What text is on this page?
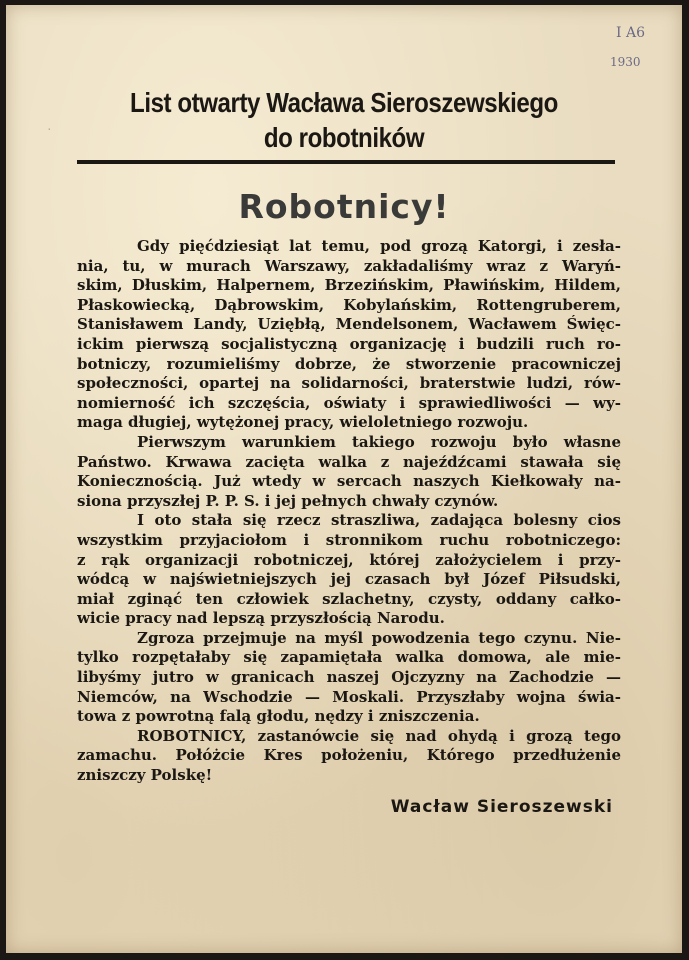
I A6
1930
List otwarty Wacława Sieroszewskiego
do robotników
Robotnicy!
Gdy pięćdziesiąt lat temu, pod grozą Katorgi, i zesła-
nia, tu, w murach Warszawy, zakładaliśmy wraz z Waryń-
skim, Dłuskim, Halpernem, Brzezińskim, Pławińskim, Hildem,
Płaskowiecką, Dąbrowskim, Kobylańskim, Rottengruberem,
Stanisławem Landy, Uziębłą, Mendelsonem, Wacławem Święc-
ickim pierwszą socjalistyczną organizację i budzili ruch ro-
botniczy, rozumieliśmy dobrze, że stworzenie pracowniczej
społeczności, opartej na solidarności, braterstwie ludzi, rów-
nomierność ich szczęścia, oświaty i sprawiedliwości — wy-
maga długiej, wytężonej pracy, wieloletniego rozwoju.
Pierwszym warunkiem takiego rozwoju było własne
Państwo. Krwawa zacięta walka z najeźdźcami stawała się
Koniecznością. Już wtedy w sercach naszych Kiełkowały na-
siona przyszłej P. P. S. i jej pełnych chwały czynów.
I oto stała się rzecz straszliwa, zadająca bolesny cios
wszystkim przyjaciołom i stronnikom ruchu robotniczego:
z rąk organizacji robotniczej, której założycielem i przy-
wódcą w najświetniejszych jej czasach był Józef Piłsudski,
miał zginąć ten człowiek szlachetny, czysty, oddany całko-
wicie pracy nad lepszą przyszłością Narodu.
Zgroza przejmuje na myśl powodzenia tego czynu. Nie-
tylko rozpętałaby się zapamiętała walka domowa, ale mie-
libyśmy jutro w granicach naszej Ojczyzny na Zachodzie —
Niemców, na Wschodzie — Moskali. Przyszłaby wojna świa-
towa z powrotną falą głodu, nędzy i zniszczenia.
ROBOTNICY, zastanówcie się nad ohydą i grozą tego
zamachu. Połóżcie Kres położeniu, Którego przedłużenie
zniszczy Polskę!
Wacław Sieroszewski
·
